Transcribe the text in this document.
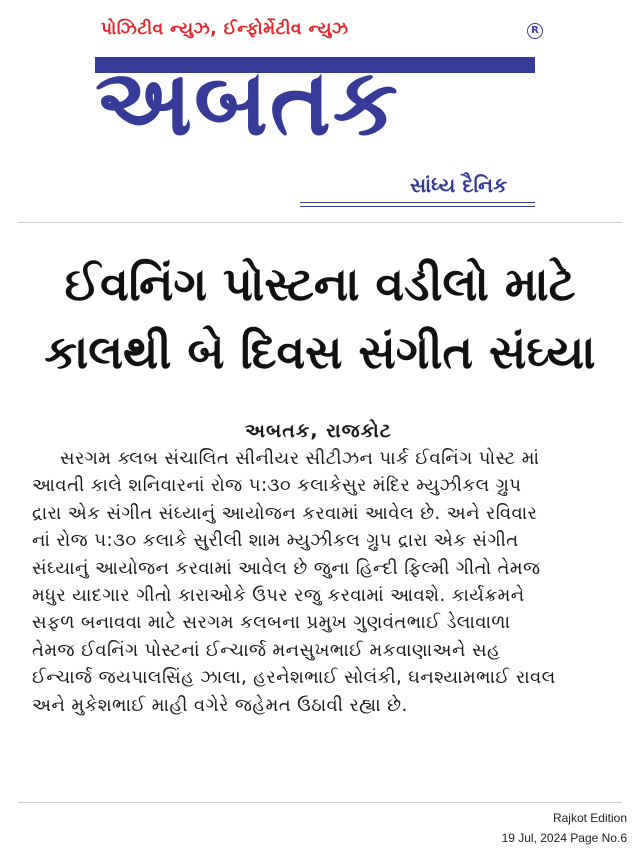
પોઝિટીવ ન્યુઝ, ઈન્ફોર્મેટીવ ન્યુઝ	R
અબતક
સાંધ્ય દૈનિક
ઈવનિંગ પોસ્ટના વડીલો માટે
કાલથી બે દિવસ સંગીત સંઘ્યા
અબતક, રાજકોટ
સરગમ ક્લબ સંચાલિત સીનીયર સીટીઝન પાર્ક ઈવનિંગ પોસ્ટ માં
આવતી કાલે શનિવારનાં રોજ ૫:૩૦ કલાકેસુર મંદિર મ્યુઝીકલ ગ્રુપ
દ્રારા એક સંગીત સંઘ્યાનું આયોજન કરવામાં આવેલ છે. અને રવિવાર
નાં રોજ ૫:૩૦ કલાકે સુરીલી શામ મ્યુઝીકલ ગ્રુપ દ્રારા એક સંગીત
સંઘ્યાનું આયોજન કરવામાં આવેલ છે જુના હિન્દી ફિલ્મી ગીતો તેમજ
મધુર યાદગાર ગીતો કારાઓકે ઉપર રજુ કરવામાં આવશે. કાર્યક્રમને
સફળ બનાવવા માટે સરગમ કલબના પ્રમુખ ગુણવંતભાઈ ડેલાવાળા
તેમજ ઈવનિંગ પોસ્ટનાં ઈન્ચાર્જ મનસુખભાઈ મકવાણાઅને સહ
ઈન્ચાર્જ જયપાલસિંહ ઝાલા, હરનેશભાઈ સોલંકી, ઘનશ્યામભાઈ રાવલ
અને મુકેશભાઈ માહી વગેરે જહેમત ઉઠાવી રહ્યા છે.
Rajkot Edition
19 Jul, 2024 Page No.6
